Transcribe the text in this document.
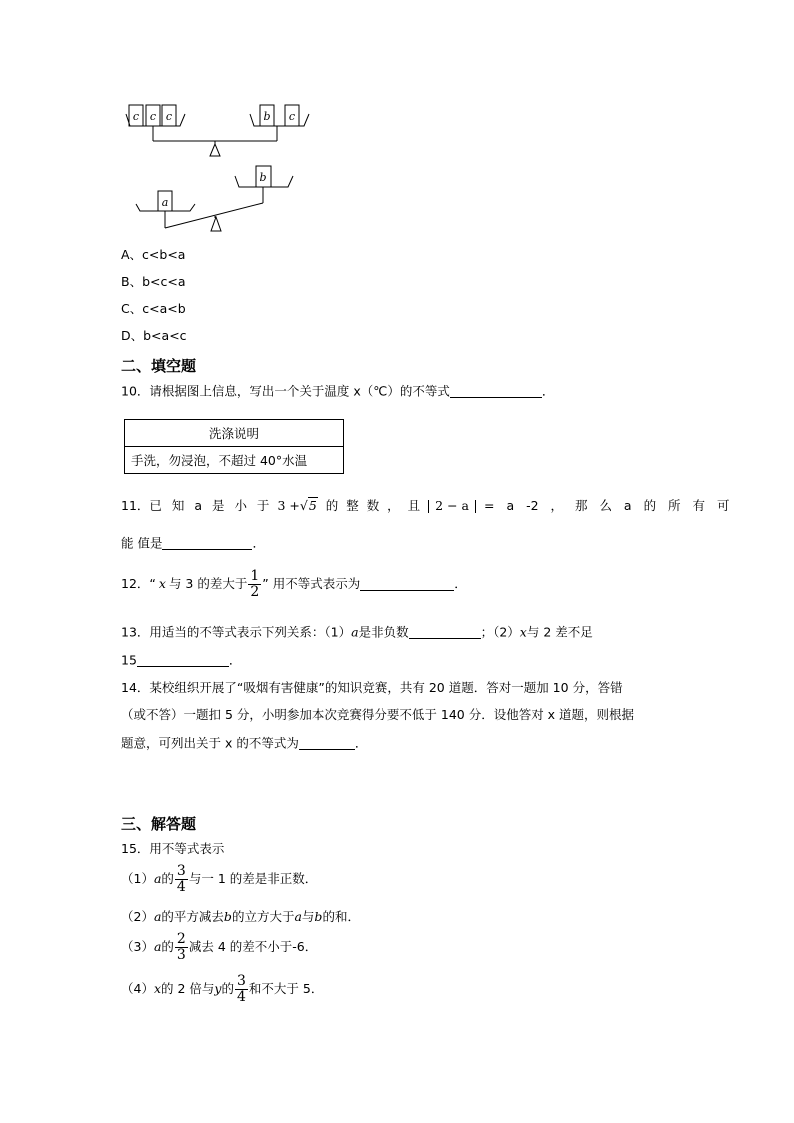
c c c	b c
a
b
A、c<b<a
B、b<c<a
C、c<a<b
D、b<a<c
二、填空题
10．请根据图上信息，写出一个关于温度 x（℃）的不等式	．
洗涤说明
手洗，勿浸泡，不超过 40°水温
11．已 知 a 是 小 于 3 +√5 的 整 数 ， 且	2 − a	= a -2 ， 那 么 a 的 所 有 可
能 值是	．
12．“ x 与 3 的差大于 $\frac{1}{2}$ ” 用不等式表示为	．
13．用适当的不等式表示下列关系：（1）a是非负数	；（2）x与 2 差不足
15	．
14．某校组织开展了“吸烟有害健康”的知识竞赛，共有 20 道题．答对一题加 10 分，答错
（或不答）一题扣 5 分，小明参加本次竞赛得分要不低于 140 分．设他答对 x 道题，则根据
题意，可列出关于 x 的不等式为	．
三、解答题
15．用不等式表示
（1） a 的 $\frac{3}{4}$ 与一 1 的差是非正数．
（2）a的平方减去b的立方大于a与b的和．
（3） a 的 $\frac{2}{3}$ 减去 4 的差不小于-6．
（4） x 的 2 倍与 y 的 $\frac{3}{4}$ 和不大于 5．
